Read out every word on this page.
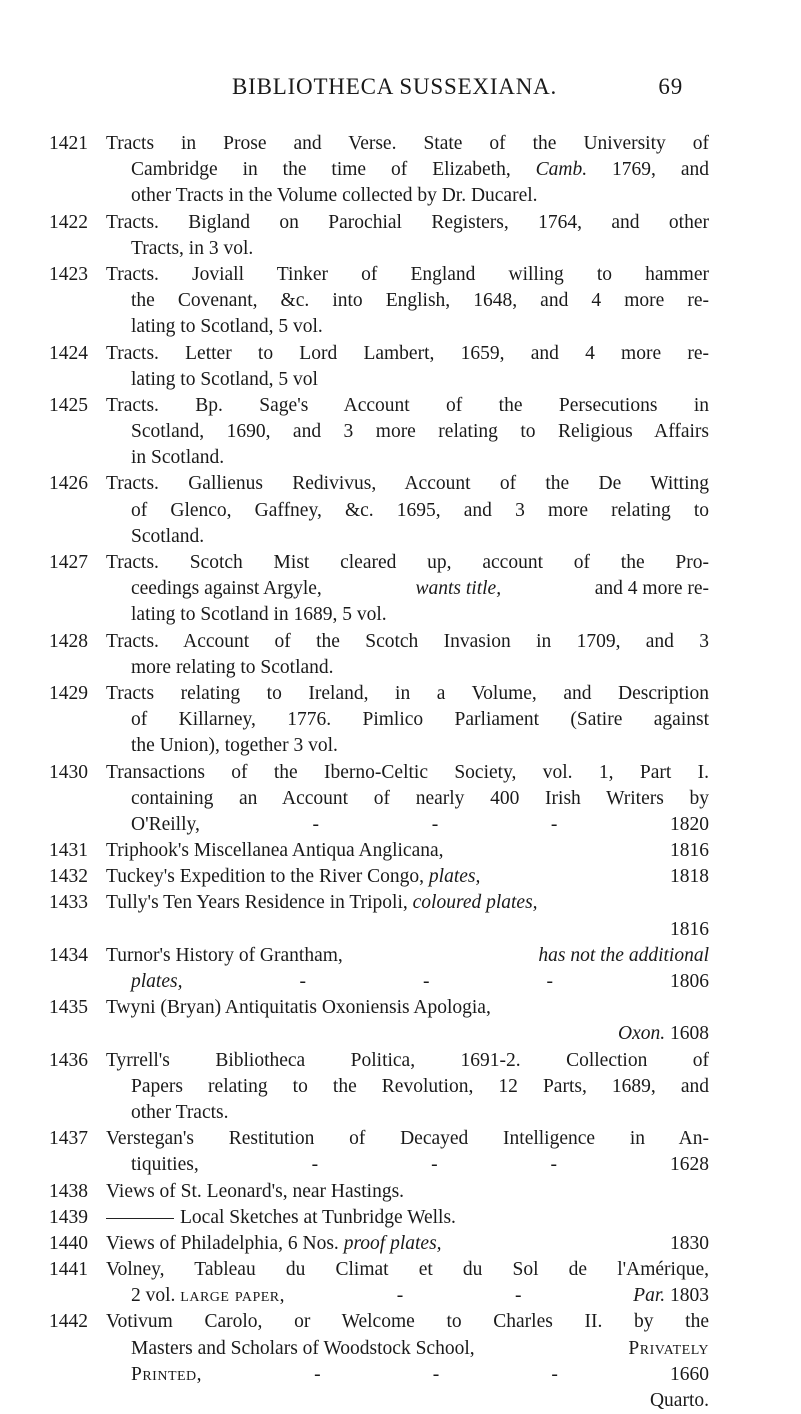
BIBLIOTHECA SUSSEXIANA.	69
1421 Tracts in Prose and Verse. State of the University of
Cambridge in the time of Elizabeth, Camb. 1769, and
other Tracts in the Volume collected by Dr. Ducarel.
1422 Tracts. Bigland on Parochial Registers, 1764, and other
Tracts, in 3 vol.
1423 Tracts. Joviall Tinker of England willing to hammer
the Covenant, &c. into English, 1648, and 4 more re-
lating to Scotland, 5 vol.
1424 Tracts. Letter to Lord Lambert, 1659, and 4 more re-
lating to Scotland, 5 vol
1425 Tracts. Bp. Sage's Account of the Persecutions in
Scotland, 1690, and 3 more relating to Religious Affairs
in Scotland.
1426 Tracts. Gallienus Redivivus, Account of the De Witting
of Glenco, Gaffney, &c. 1695, and 3 more relating to
Scotland.
1427 Tracts. Scotch Mist cleared up, account of the Pro-
ceedings against Argyle,	wants title,	and 4 more re-
lating to Scotland in 1689, 5 vol.
1428 Tracts. Account of the Scotch Invasion in 1709, and 3
more relating to Scotland.
1429 Tracts relating to Ireland, in a Volume, and Description
of Killarney, 1776. Pimlico Parliament (Satire against
the Union), together 3 vol.
1430 Transactions of the Iberno-Celtic Society, vol. 1, Part I.
containing an Account of nearly 400 Irish Writers by
O'Reilly,	-	-	-	1820
1431 Triphook's Miscellanea Antiqua Anglicana,	1816
1432 Tuckey's Expedition to the River Congo, plates,	1818
1433 Tully's Ten Years Residence in Tripoli, coloured plates,
1816
1434 Turnor's History of Grantham,	has not the additional
plates,	-	-	-	1806
1435 Twyni (Bryan) Antiquitatis Oxoniensis Apologia,
Oxon. 1608
1436 Tyrrell's Bibliotheca Politica, 1691-2. Collection of
Papers relating to the Revolution, 12 Parts, 1689, and
other Tracts.
1437 Verstegan's Restitution of Decayed Intelligence in An-
tiquities,	-	-	-	1628
1438 Views of St. Leonard's, near Hastings.
1439	Local Sketches at Tunbridge Wells.
1440 Views of Philadelphia, 6 Nos. proof plates,	1830
1441 Volney, Tableau du Climat et du Sol de l'Amérique,
2 vol. large paper,	-	-	Par. 1803
1442 Votivum Carolo, or Welcome to Charles II. by the
Masters and Scholars of Woodstock School,	Privately
Printed,	-	-	-	1660
Quarto.
